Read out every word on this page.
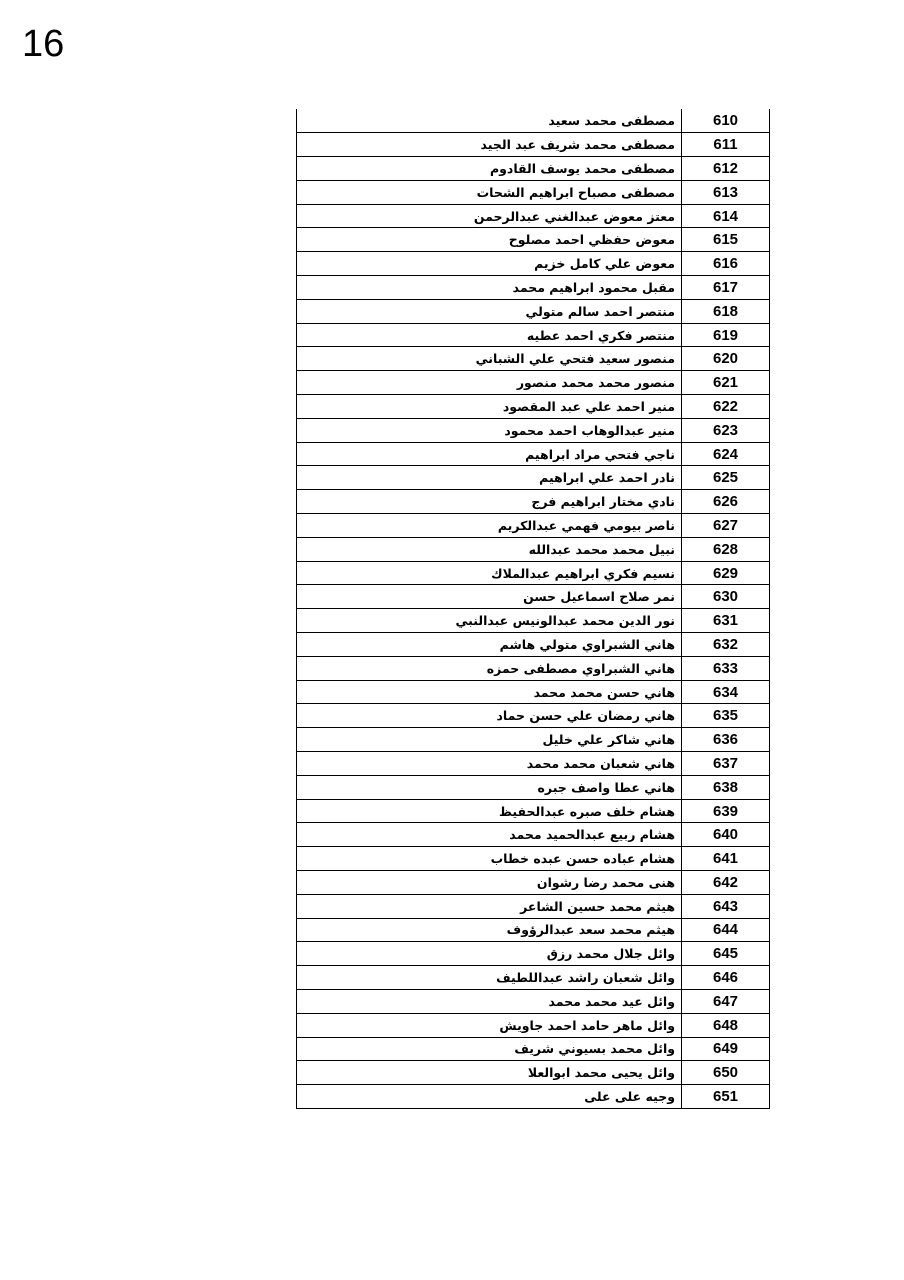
16
مصطفى محمد سعيد	610
مصطفى محمد شريف عبد الجيد	611
مصطفى محمد يوسف القادوم	612
مصطفى مصباح ابراهيم الشحات	613
معتز معوض عبدالغني عبدالرحمن	614
معوض حفظي احمد مصلوح	615
معوض علي كامل خزيم	616
مقبل محمود ابراهيم محمد	617
منتصر احمد سالم متولي	618
منتصر فكري احمد عطيه	619
منصور سعيد فتحي علي الشباني	620
منصور محمد محمد منصور	621
منير احمد علي عبد المقصود	622
منير عبدالوهاب احمد محمود	623
ناجي فتحي مراد ابراهيم	624
نادر احمد علي ابراهيم	625
نادي مختار ابراهيم فرج	626
ناصر بيومي فهمي عبدالكريم	627
نبيل محمد محمد عبدالله	628
نسيم فكري ابراهيم عبدالملاك	629
نمر صلاح اسماعيل حسن	630
نور الدين محمد عبدالونيس عبدالنبي	631
هاني الشبراوي متولي هاشم	632
هاني الشبراوي مصطفى حمزه	633
هاني حسن محمد محمد	634
هاني رمضان علي حسن حماد	635
هاني شاكر علي خليل	636
هاني شعبان محمد محمد	637
هاني عطا واصف جبره	638
هشام خلف صبره عبدالحفيظ	639
هشام ربيع عبدالحميد محمد	640
هشام عباده حسن عبده خطاب	641
هنى محمد رضا رشوان	642
هيثم محمد حسين الشاعر	643
هيثم محمد سعد عبدالرؤوف	644
وائل جلال محمد رزق	645
وائل شعبان راشد عبداللطيف	646
وائل عيد محمد محمد	647
وائل ماهر حامد احمد جاويش	648
وائل محمد بسيوني شريف	649
وائل يحيى محمد ابوالعلا	650
وجيه على على	651
